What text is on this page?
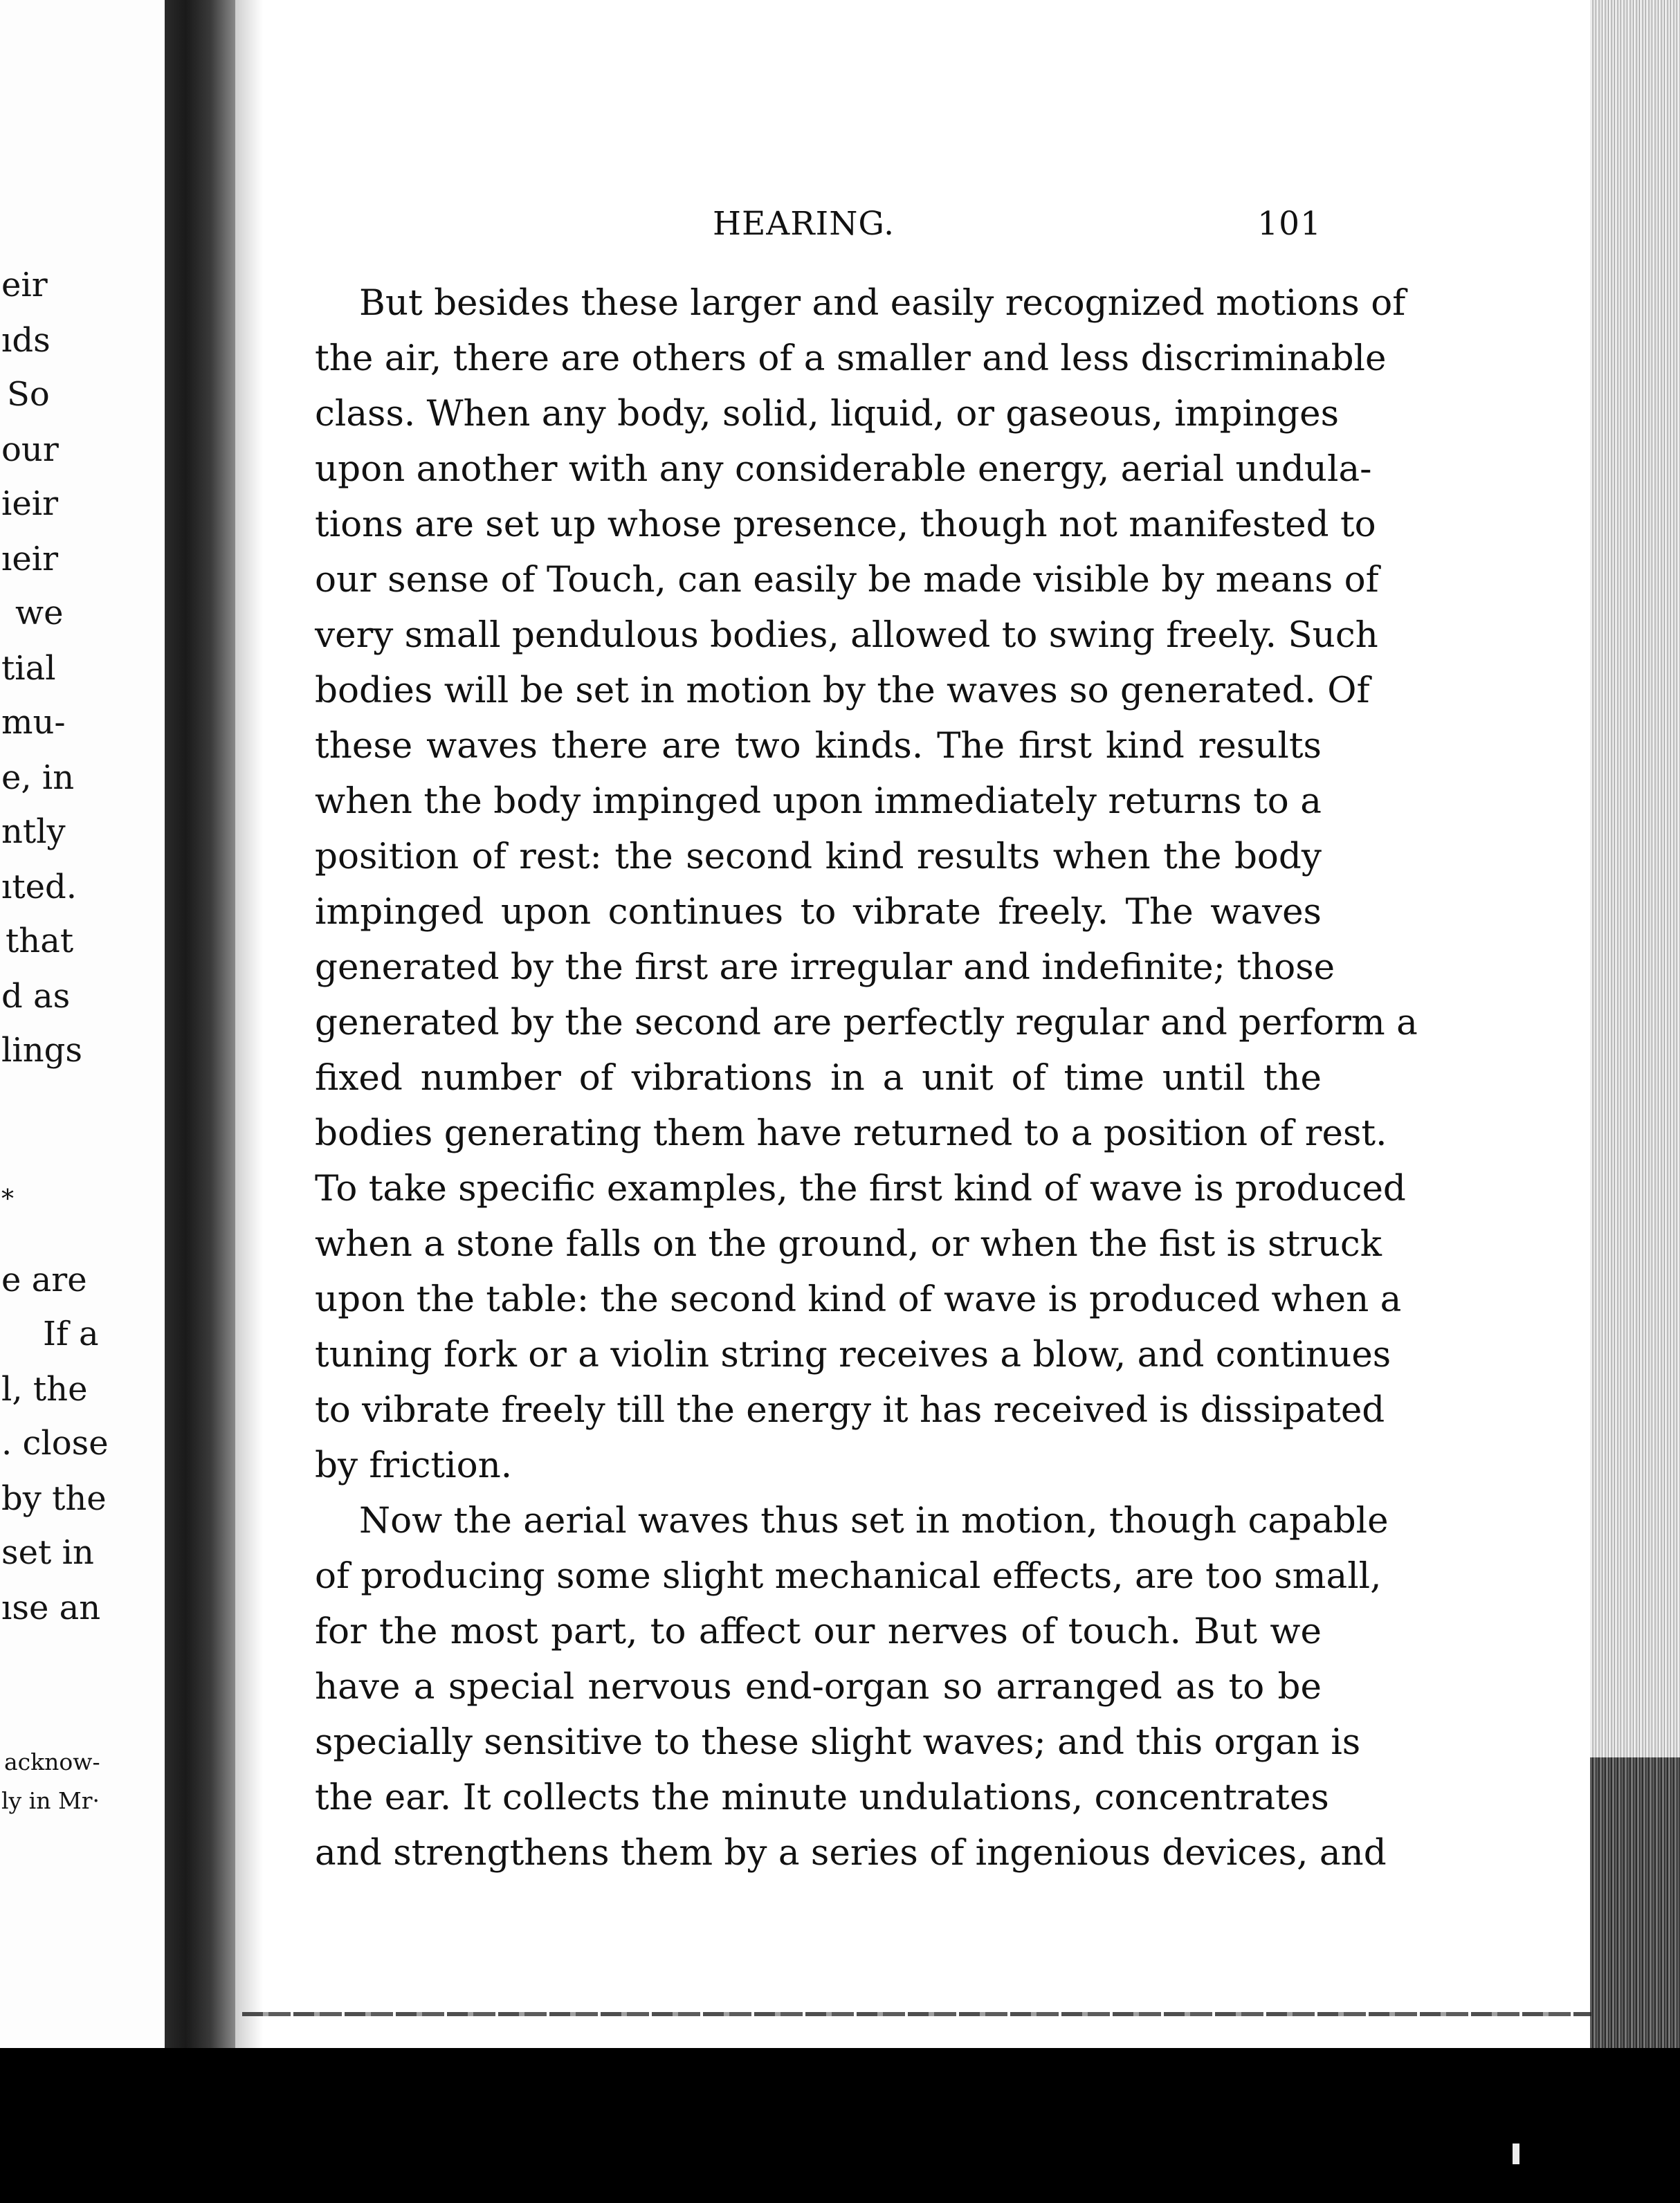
eir
ıds
So
our
ieir
ıeir
we
tial
mu-
e, in
ntly
ıted.
that
d as
lings
*
e are
If a
l, the
. close
by the
set in
ıse an
acknow-
ly in Mr·
HEARING.	101
But besides these larger and easily recognized motions of
the air, there are others of a smaller and less discriminable
class. When any body, solid, liquid, or gaseous, impinges
upon another with any considerable energy, aerial undula-
tions are set up whose presence, though not manifested to
our sense of Touch, can easily be made visible by means of
very small pendulous bodies, allowed to swing freely. Such
bodies will be set in motion by the waves so generated. Of
these waves there are two kinds. The first kind results
when the body impinged upon immediately returns to a
position of rest: the second kind results when the body
impinged upon continues to vibrate freely. The waves
generated by the first are irregular and indefinite; those
generated by the second are perfectly regular and perform a
fixed number of vibrations in a unit of time until the
bodies generating them have returned to a position of rest.
To take specific examples, the first kind of wave is produced
when a stone falls on the ground, or when the fist is struck
upon the table: the second kind of wave is produced when a
tuning fork or a violin string receives a blow, and continues
to vibrate freely till the energy it has received is dissipated
by friction.
Now the aerial waves thus set in motion, though capable
of producing some slight mechanical effects, are too small,
for the most part, to affect our nerves of touch. But we
have a special nervous end-organ so arranged as to be
specially sensitive to these slight waves; and this organ is
the ear. It collects the minute undulations, concentrates
and strengthens them by a series of ingenious devices, and
